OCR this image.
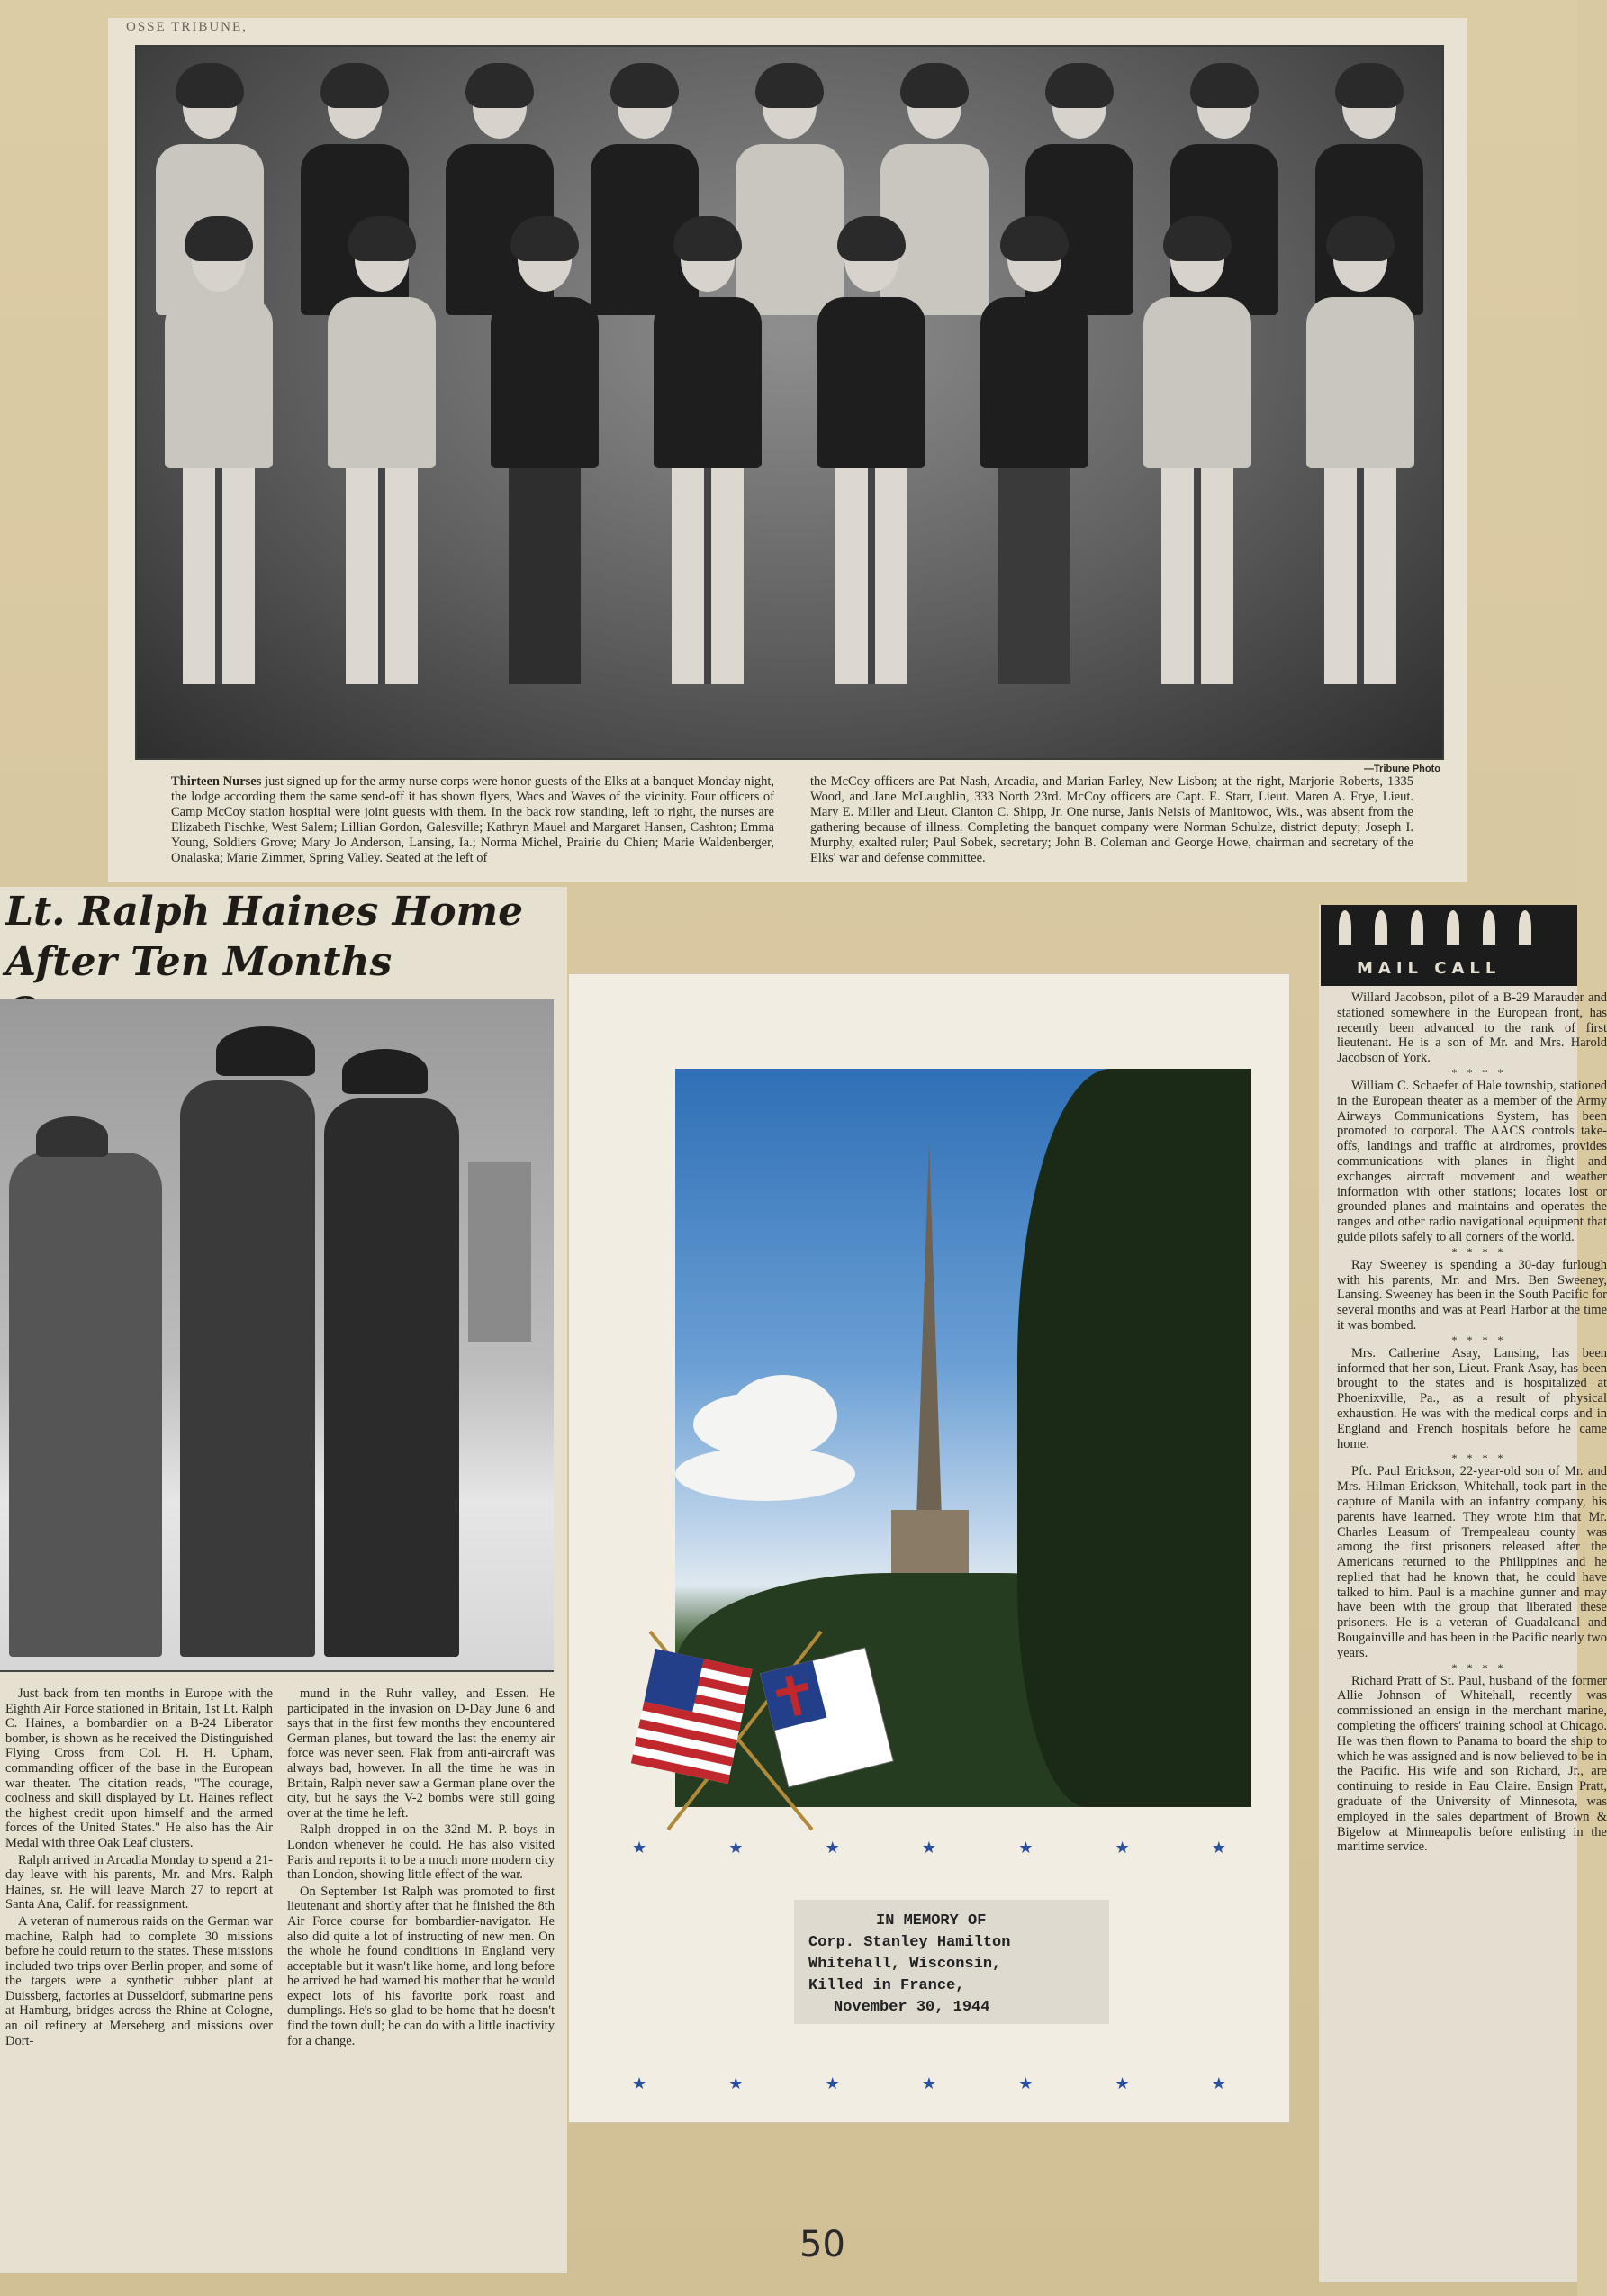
OSSE TRIBUNE,
—Tribune Photo

Thirteen Nurses just signed up for the army nurse corps were honor guests of the Elks at a banquet Monday night, the lodge according them the same send-off it has shown flyers, Wacs and Waves of the vicinity. Four officers of Camp McCoy station hospital were joint guests with them. In the back row standing, left to right, the nurses are Elizabeth Pischke, West Salem; Lillian Gordon, Galesville; Kathryn Mauel and Margaret Hansen, Cashton; Emma Young, Soldiers Grove; Mary Jo Anderson, Lansing, Ia.; Norma Michel, Prairie du Chien; Marie Waldenberger, Onalaska; Marie Zimmer, Spring Valley. Seated at the left of

the McCoy officers are Pat Nash, Arcadia, and Marian Farley, New Lisbon; at the right, Marjorie Roberts, 1335 Wood, and Jane McLaughlin, 333 North 23rd. McCoy officers are Capt. E. Starr, Lieut. Maren A. Frye, Lieut. Mary E. Miller and Lieut. Clanton C. Shipp, Jr. One nurse, Janis Neisis of Manitowoc, Wis., was absent from the gathering because of illness. Completing the banquet company were Norman Schulze, district deputy; Joseph I. Murphy, exalted ruler; Paul Sobek, secretary; John B. Coleman and George Howe, chairman and secretary of the Elks' war and defense committee.

Lt. Ralph Haines Home
After Ten Months

Just back from ten months in Europe with the Eighth Air Force stationed in Britain, 1st Lt. Ralph C. Haines, a bombardier on a B-24 Liberator bomber, is shown as he received the Distinguished Flying Cross from Col. H. H. Upham, commanding officer of the base in the European war theater. The citation reads, "The courage, coolness and skill displayed by Lt. Haines reflect the highest credit upon himself and the armed forces of the United States." He also has the Air Medal with three Oak Leaf clusters.

Ralph arrived in Arcadia Monday to spend a 21-day leave with his parents, Mr. and Mrs. Ralph Haines, sr. He will leave March 27 to report at Santa Ana, Calif. for reassignment.

A veteran of numerous raids on the German war machine, Ralph had to complete 30 missions before he could return to the states. These missions included two trips over Berlin proper, and some of the targets were a synthetic rubber plant at Duissberg, factories at Dusseldorf, submarine pens at Hamburg, bridges across the Rhine at Cologne, an oil refinery at Merseberg and missions over Dort-

mund in the Ruhr valley, and Essen. He participated in the invasion on D-Day June 6 and says that in the first few months they encountered German planes, but toward the last the enemy air force was never seen. Flak from anti-aircraft was always bad, however. In all the time he was in Britain, Ralph never saw a German plane over the city, but he says the V-2 bombs were still going over at the time he left.

Ralph dropped in on the 32nd M. P. boys in London whenever he could. He has also visited Paris and reports it to be a much more modern city than London, showing little effect of the war.

On September 1st Ralph was promoted to first lieutenant and shortly after that he finished the 8th Air Force course for bombardier-navigator. He also did quite a lot of instructing of new men. On the whole he found conditions in England very acceptable but it wasn't like home, and long before he arrived he had warned his mother that he would expect lots of his favorite pork roast and dumplings. He's so glad to be home that he doesn't find the town dull; he can do with a little inactivity for a change.

★	★	★	★	★	★	★
IN MEMORY OF
Corp. Stanley Hamilton
Whitehall, Wisconsin,
Killed in France,
November 30, 1944
★	★	★	★	★	★	★
MAIL CALL

Willard Jacobson, pilot of a B-29 Marauder and stationed somewhere in the European front, has recently been advanced to the rank of first lieutenant. He is a son of Mr. and Mrs. Harold Jacobson of York.

* * * *

William C. Schaefer of Hale township, stationed in the European theater as a member of the Army Airways Communications System, has been promoted to corporal. The AACS controls take-offs, landings and traffic at airdromes, provides communications with planes in flight and exchanges aircraft movement and weather information with other stations; locates lost or grounded planes and maintains and operates the ranges and other radio navigational equipment that guide pilots safely to all corners of the world.

* * * *

Ray Sweeney is spending a 30-day furlough with his parents, Mr. and Mrs. Ben Sweeney, Lansing. Sweeney has been in the South Pacific for several months and was at Pearl Harbor at the time it was bombed.

* * * *

Mrs. Catherine Asay, Lansing, has been informed that her son, Lieut. Frank Asay, has been brought to the states and is hospitalized at Phoenixville, Pa., as a result of physical exhaustion. He was with the medical corps and in England and French hospitals before he came home.

* * * *

Pfc. Paul Erickson, 22-year-old son of Mr. and Mrs. Hilman Erickson, Whitehall, took part in the capture of Manila with an infantry company, his parents have learned. They wrote him that Mr. Charles Leasum of Trempealeau county was among the first prisoners released after the Americans returned to the Philippines and he replied that had he known that, he could have talked to him. Paul is a machine gunner and may have been with the group that liberated these prisoners. He is a veteran of Guadalcanal and Bougainville and has been in the Pacific nearly two years.

* * * *

Richard Pratt of St. Paul, husband of the former Allie Johnson of Whitehall, recently was commissioned an ensign in the merchant marine, completing the officers' training school at Chicago. He was then flown to Panama to board the ship to which he was assigned and is now believed to be in the Pacific. His wife and son Richard, Jr., are continuing to reside in Eau Claire. Ensign Pratt, graduate of the University of Minnesota, was employed in the sales department of Brown & Bigelow at Minneapolis before enlisting in the maritime service.

50
